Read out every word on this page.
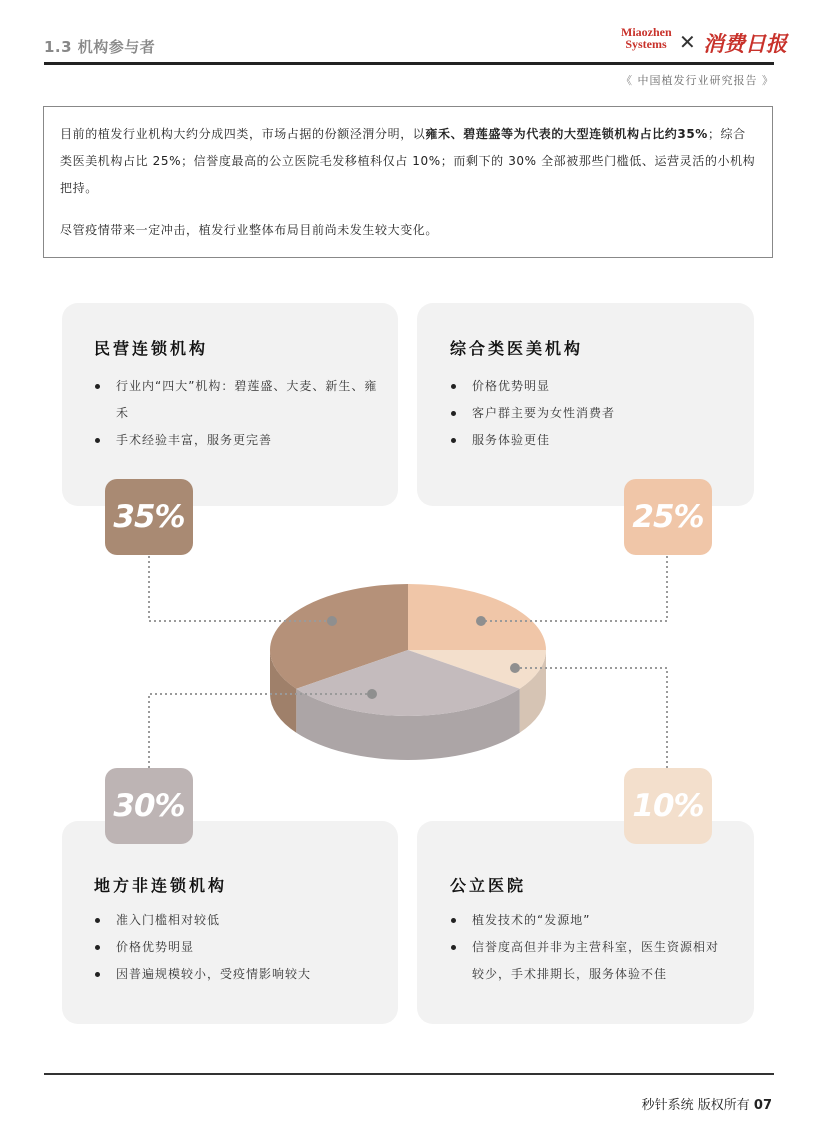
1.3 机构参与者
Miaozhen
Systems ✕ 消费日报
《 中国植发行业研究报告 》
目前的植发行业机构大约分成四类，市场占据的份额泾渭分明，以雍禾、碧莲盛等为代表的大型连锁机构占比约35%；综合类医美机构占比 25%；信誉度最高的公立医院毛发移植科仅占 10%；而剩下的 30% 全部被那些门槛低、运营灵活的小机构把持。
尽管疫情带来一定冲击，植发行业整体布局目前尚未发生较大变化。
民营连锁机构
行业内“四大”机构：碧莲盛、大麦、新生、雍禾
手术经验丰富，服务更完善
综合类医美机构
价格优势明显
客户群主要为女性消费者
服务体验更佳
地方非连锁机构
准入门槛相对较低
价格优势明显
因普遍规模较小，受疫情影响较大
公立医院
植发技术的“发源地”
信誉度高但并非为主营科室，医生资源相对较少，手术排期长，服务体验不佳
35%	25%
30%	10%
秒针系统 版权所有 07
